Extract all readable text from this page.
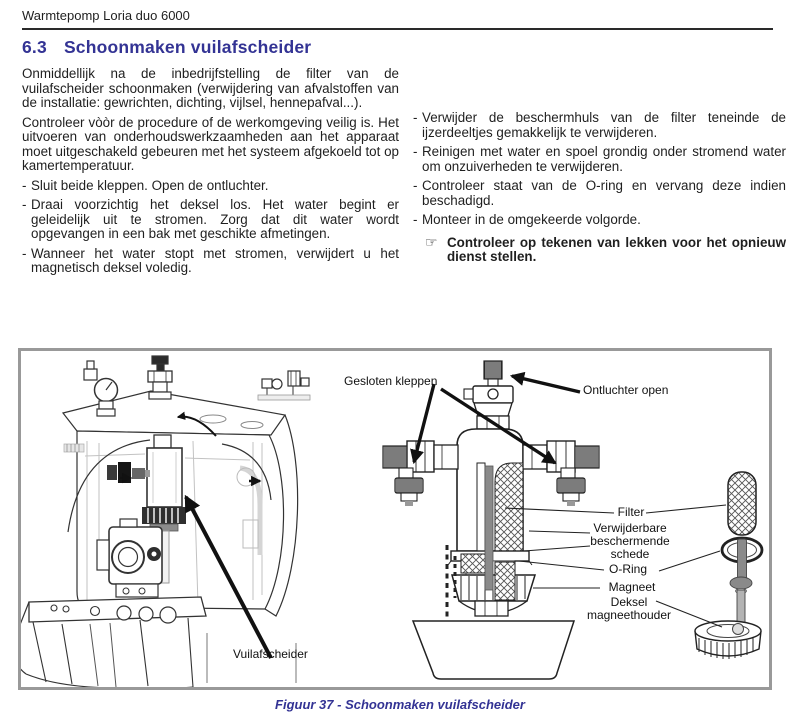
Warmtepomp Loria duo 6000
6.3 Schoonmaken vuilafscheider

Onmiddellijk na de inbedrijfstelling de filter van de vuilafscheider schoonmaken (verwijdering van afvalstoffen van de installatie: gewrichten, dichting, vijlsel, hennepafval...).

Controleer vòòr de procedure of de werkomgeving veilig is. Het uitvoeren van onderhoudswerkzaamheden aan het apparaat moet uitgeschakeld gebeuren met het systeem afgekoeld tot op kamertemperatuur.

- Sluit beide kleppen. Open de ontluchter.
- Draai voorzichtig het deksel los. Het water begint er geleidelijk uit te stromen. Zorg dat dit water wordt opgevangen in een bak met geschikte afmetingen.
- Wanneer het water stopt met stromen, verwijdert u het magnetisch deksel voledig.
- Verwijder de beschermhuls van de filter teneinde de ijzerdeeltjes gemakkelijk te verwijderen.
- Reinigen met water en spoel grondig onder stromend water om onzuiverheden te verwijderen.
- Controleer staat van de O-ring en vervang deze indien beschadigd.
- Monteer in de omgekeerde volgorde.
☞ Controleer op tekenen van lekken voor het opnieuw dienst stellen.
Gesloten kleppen
Ontluchter open
Filter
Verwijderbare beschermende schede
O-Ring
Magneet
Deksel magneethouder
Vuilafscheider
Figuur 37 - Schoonmaken vuilafscheider
